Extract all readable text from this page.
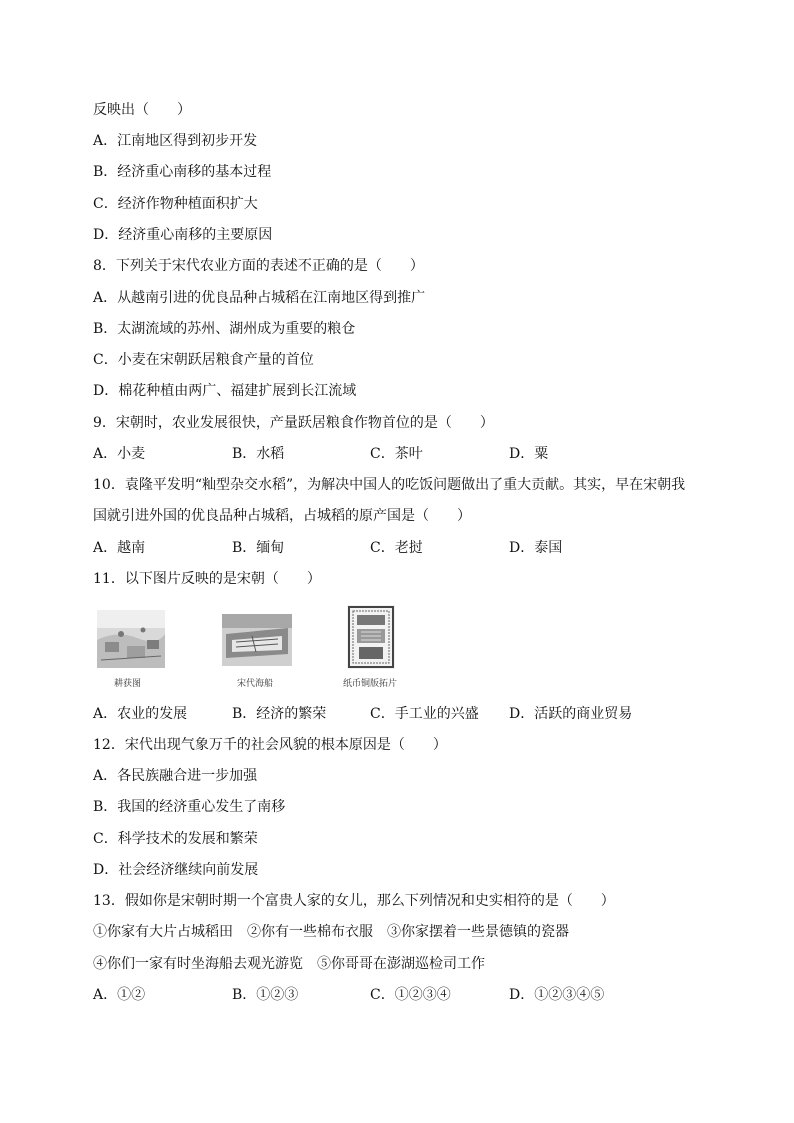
反映出（　　）
A．江南地区得到初步开发
B．经济重心南移的基本过程
C．经济作物种植面积扩大
D．经济重心南移的主要原因
8．下列关于宋代农业方面的表述不正确的是（　　）
A．从越南引进的优良品种占城稻在江南地区得到推广
B．太湖流域的苏州、湖州成为重要的粮仓
C．小麦在宋朝跃居粮食产量的首位
D．棉花种植由两广、福建扩展到长江流域
9．宋朝时，农业发展很快，产量跃居粮食作物首位的是（　　）
A．小麦	B．水稻	C．茶叶	D．粟
10．袁隆平发明“籼型杂交水稻”，为解决中国人的吃饭问题做出了重大贡献。其实，早在宋朝我
国就引进外国的优良品种占城稻，占城稻的原产国是（　　）
A．越南	B．缅甸	C．老挝	D．泰国
11．以下图片反映的是宋朝（　　）
耕获图	宋代海船	纸币铜版拓片
A．农业的发展	B．经济的繁荣	C．手工业的兴盛 D．活跃的商业贸易
12．宋代出现气象万千的社会风貌的根本原因是（　　）
A．各民族融合进一步加强
B．我国的经济重心发生了南移
C．科学技术的发展和繁荣
D．社会经济继续向前发展
13．假如你是宋朝时期一个富贵人家的女儿，那么下列情况和史实相符的是（　　）
①你家有大片占城稻田　②你有一些棉布衣服　③你家摆着一些景德镇的瓷器
④你们一家有时坐海船去观光游览　⑤你哥哥在澎湖巡检司工作
A．①②	B．①②③	C．①②③④	D．①②③④⑤
